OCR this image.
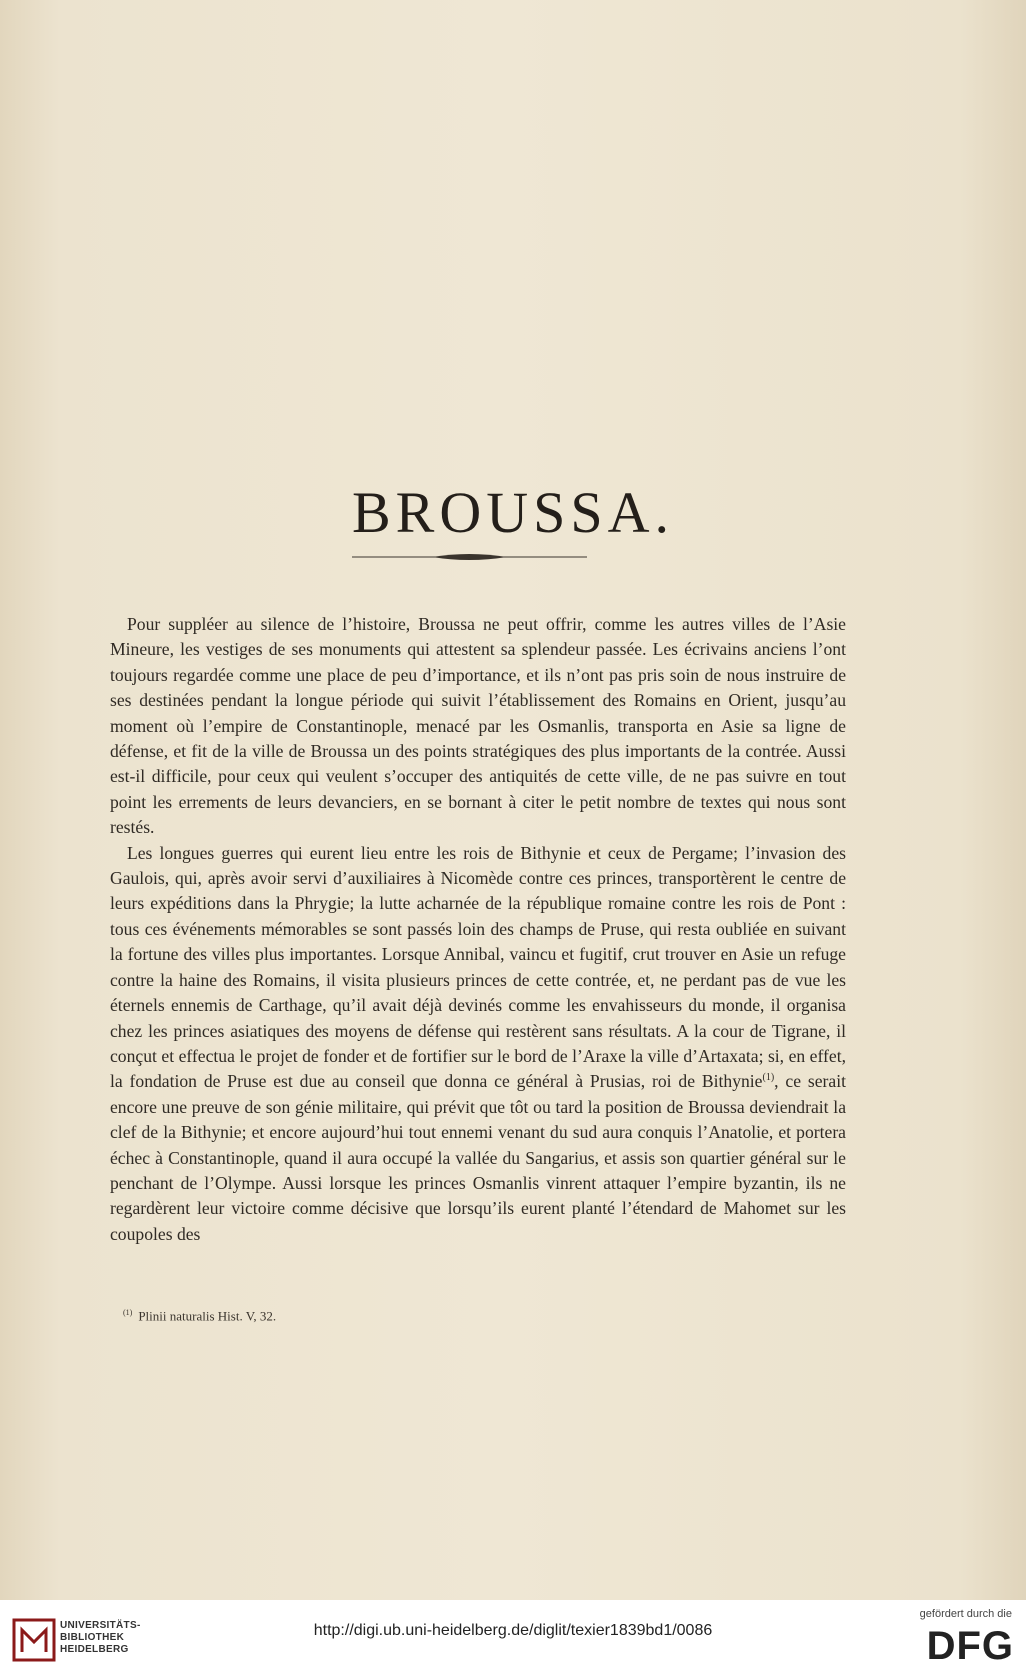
BROUSSA.

Pour suppléer au silence de l’histoire, Broussa ne peut offrir, comme les autres villes de l’Asie Mineure, les vestiges de ses monuments qui attestent sa splendeur passée. Les écrivains anciens l’ont toujours regardée comme une place de peu d’importance, et ils n’ont pas pris soin de nous instruire de ses destinées pendant la longue période qui suivit l’établissement des Romains en Orient, jusqu’au moment où l’empire de Constantinople, menacé par les Osmanlis, transporta en Asie sa ligne de défense, et fit de la ville de Broussa un des points stratégiques des plus importants de la contrée. Aussi est-il difficile, pour ceux qui veulent s’occuper des antiquités de cette ville, de ne pas suivre en tout point les errements de leurs devanciers, en se bornant à citer le petit nombre de textes qui nous sont restés.

Les longues guerres qui eurent lieu entre les rois de Bithynie et ceux de Pergame; l’invasion des Gaulois, qui, après avoir servi d’auxiliaires à Nicomède contre ces princes, transportèrent le centre de leurs expéditions dans la Phrygie; la lutte acharnée de la république romaine contre les rois de Pont : tous ces événements mémorables se sont passés loin des champs de Pruse, qui resta oubliée en suivant la fortune des villes plus importantes. Lorsque Annibal, vaincu et fugitif, crut trouver en Asie un refuge contre la haine des Romains, il visita plusieurs princes de cette contrée, et, ne perdant pas de vue les éternels ennemis de Carthage, qu’il avait déjà devinés comme les envahisseurs du monde, il organisa chez les princes asiatiques des moyens de défense qui restèrent sans résultats. A la cour de Tigrane, il conçut et effectua le projet de fonder et de fortifier sur le bord de l’Araxe la ville d’Artaxata; si, en effet, la fondation de Pruse est due au conseil que donna ce général à Prusias, roi de Bithynie$^{(1)}$, ce serait encore une preuve de son génie militaire, qui prévit que tôt ou tard la position de Broussa deviendrait la clef de la Bithynie; et encore aujourd’hui tout ennemi venant du sud aura conquis l’Anatolie, et portera échec à Constantinople, quand il aura occupé la vallée du Sangarius, et assis son quartier général sur le penchant de l’Olympe. Aussi lorsque les princes Osmanlis vinrent attaquer l’empire byzantin, ils ne regardèrent leur victoire comme décisive que lorsqu’ils eurent planté l’étendard de Mahomet sur les coupoles des

$^{(1)}$ Plinii naturalis Hist. V, 32.
UNIVERSITÄTS-
BIBLIOTHEK
HEIDELBERG
http://digi.ub.uni-heidelberg.de/diglit/texier1839bd1/0086
gefördert durch die
DFG
